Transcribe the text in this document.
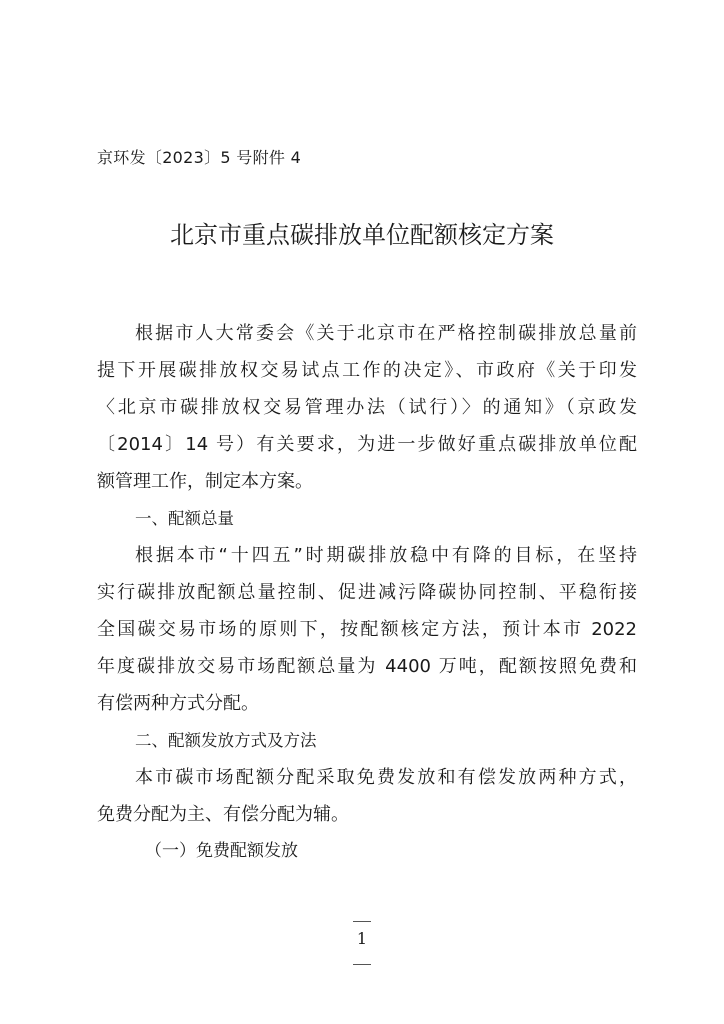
京环发〔2023〕5 号附件 4
北京市重点碳排放单位配额核定方案
根据市人大常委会《关于北京市在严格控制碳排放总量前
提下开展碳排放权交易试点工作的决定》、市政府《关于印发
〈北京市碳排放权交易管理办法（试行）〉的通知》（京政发
〔2014〕14 号）有关要求，为进一步做好重点碳排放单位配
额管理工作，制定本方案。
一、配额总量
根据本市“十四五”时期碳排放稳中有降的目标，在坚持
实行碳排放配额总量控制、促进减污降碳协同控制、平稳衔接
全国碳交易市场的原则下，按配额核定方法，预计本市 2022
年度碳排放交易市场配额总量为 4400 万吨，配额按照免费和
有偿两种方式分配。
二、配额发放方式及方法
本市碳市场配额分配采取免费发放和有偿发放两种方式，
免费分配为主、有偿分配为辅。
（一）免费配额发放
1
